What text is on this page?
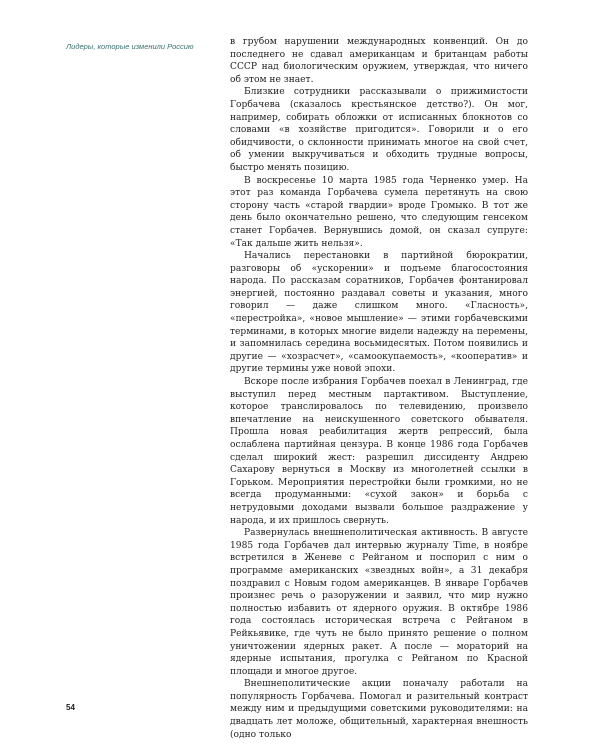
Лидеры, которые изменили Россию	в грубом нарушении международных конвенций. Он до последнего не сдавал американцам и британцам работы СССР над биологическим оружием, утверждая, что ничего об этом не знает.

Близкие сотрудники рассказывали о прижимистости Горбачева (сказалось крестьянское детство?). Он мог, например, собирать обложки от исписанных блокнотов со словами «в хозяйстве пригодится». Говорили и о его обидчивости, о склонности принимать многое на свой счет, об умении выкручиваться и обходить трудные вопросы, быстро менять позицию.

В воскресенье 10 марта 1985 года Черненко умер. На этот раз команда Горбачева сумела перетянуть на свою сторону часть «старой гвардии» вроде Громыко. В тот же день было окончательно решено, что следующим генсеком станет Горбачев. Вернувшись домой, он сказал супруге: «Так дальше жить нельзя».

Начались перестановки в партийной бюрократии, разговоры об «ускорении» и подъеме благосостояния народа. По рассказам соратников, Горбачев фонтанировал энергией, постоянно раздавал советы и указания, много говорил — даже слишком много. «Гласность», «перестройка», «новое мышление» — этими горбачевскими терминами, в которых многие видели надежду на перемены, и запомнилась середина восьмидесятых. Потом появились и другие — «хозрасчет», «самоокупаемость», «кооператив» и другие термины уже новой эпохи.

Вскоре после избрания Горбачев поехал в Ленинград, где выступил перед местным партактивом. Выступление, которое транслировалось по телевидению, произвело впечатление на неискушенного советского обывателя. Прошла новая реабилитация жертв репрессий, была ослаблена партийная цензура. В конце 1986 года Горбачев сделал широкий жест: разрешил диссиденту Андрею Сахарову вернуться в Москву из многолетней ссылки в Горьком. Мероприятия перестройки были громкими, но не всегда продуманными: «сухой закон» и борьба с нетрудовыми доходами вызвали большое раздражение у народа, и их пришлось свернуть.

Развернулась внешнеполитическая активность. В августе 1985 года Горбачев дал интервью журналу Time, в ноябре встретился в Женеве с Рейганом и поспорил с ним о программе американских «звездных войн», а 31 декабря поздравил с Новым годом американцев. В январе Горбачев произнес речь о разоружении и заявил, что мир нужно полностью избавить от ядерного оружия. В октябре 1986 года состоялась историческая встреча с Рейганом в Рейкьявике, где чуть не было принято решение о полном уничтожении ядерных ракет. А после — мораторий на ядерные испытания, прогулка с Рейганом по Красной площади и многое другое.

Внешнеполитические акции поначалу работали на популярность Горбачева. Помогал и разительный контраст между ним и предыдущими советскими руководителями: на двадцать лет моложе, общительный, характерная внешность (одно только

54
